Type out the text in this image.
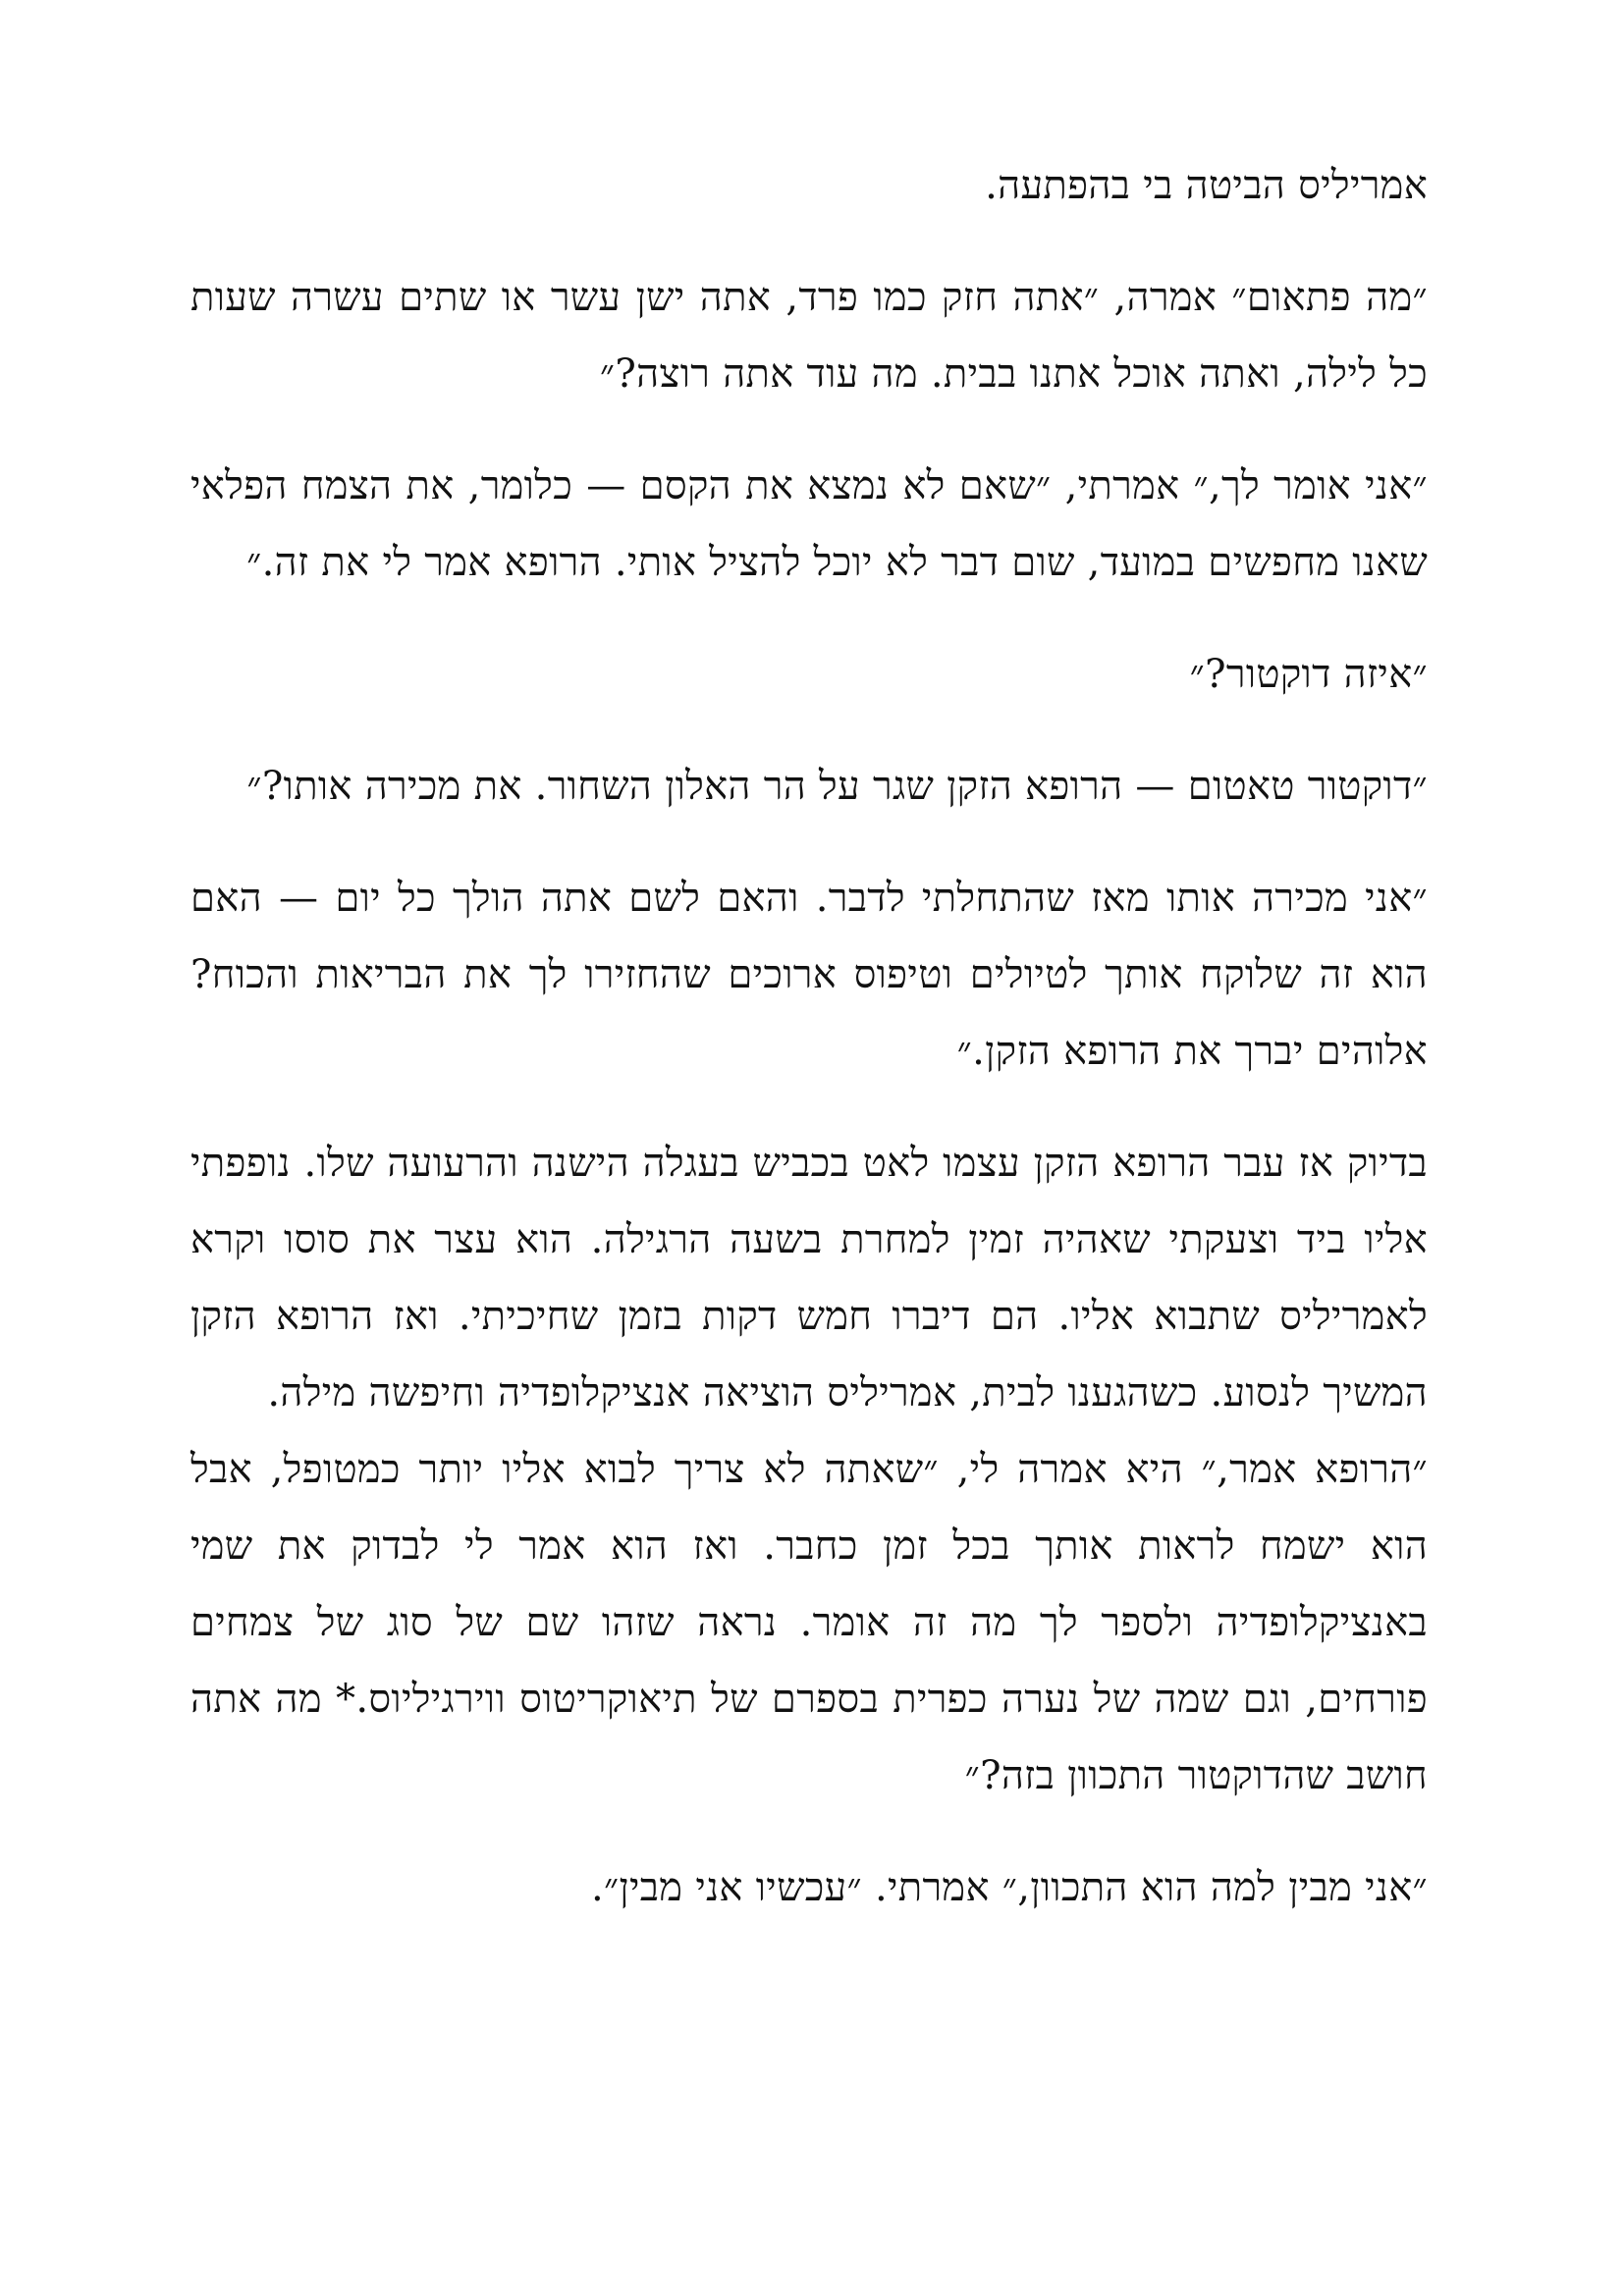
אמריליס הביטה בי בהפתעה.

״מה פתאום״ אמרה, ״אתה חזק כמו פרד, אתה ישן עשר או שתים עשרה שעות כל לילה, ואתה אוכל אתנו בבית. מה עוד אתה רוצה?״

״אני אומר לך,״ אמרתי, ״שאם לא נמצא את הקסם — כלומר, את הצמח הפלאי שאנו מחפשים במועד, שום דבר לא יוכל להציל אותי. הרופא אמר לי את זה.״

״איזה דוקטור?״

״דוקטור טאטום — הרופא הזקן שגר על הר האלון השחור. את מכירה אותו?״

״אני מכירה אותו מאז שהתחלתי לדבר. והאם לשם אתה הולך כל יום — האם הוא זה שלוקח אותך לטיולים וטיפוס ארוכים שהחזירו לך את הבריאות והכוח? אלוהים יברך את הרופא הזקן.״

בדיוק אז עבר הרופא הזקן עצמו לאט בכביש בעגלה הישנה והרעועה שלו. נופפתי אליו ביד וצעקתי שאהיה זמין למחרת בשעה הרגילה. הוא עצר את סוסו וקרא לאמריליס שתבוא אליו. הם דיברו חמש דקות בזמן שחיכיתי. ואז הרופא הזקן המשיך לנסוע. כשהגענו לבית, אמריליס הוציאה אנציקלופדיה וחיפשה מילה.

״הרופא אמר,״ היא אמרה לי, ״שאתה לא צריך לבוא אליו יותר כמטופל, אבל הוא ישמח לראות אותך בכל זמן כחבר. ואז הוא אמר לי לבדוק את שמי באנציקלופדיה ולספר לך מה זה אומר. נראה שזהו שם של סוג של צמחים פורחים, וגם שמה של נערה כפרית בספרם של תיאוקריטוס ווירגיליוס.* מה אתה חושב שהדוקטור התכוון בזה?״

״אני מבין למה הוא התכוון,״ אמרתי. ״עכשיו אני מבין״.
